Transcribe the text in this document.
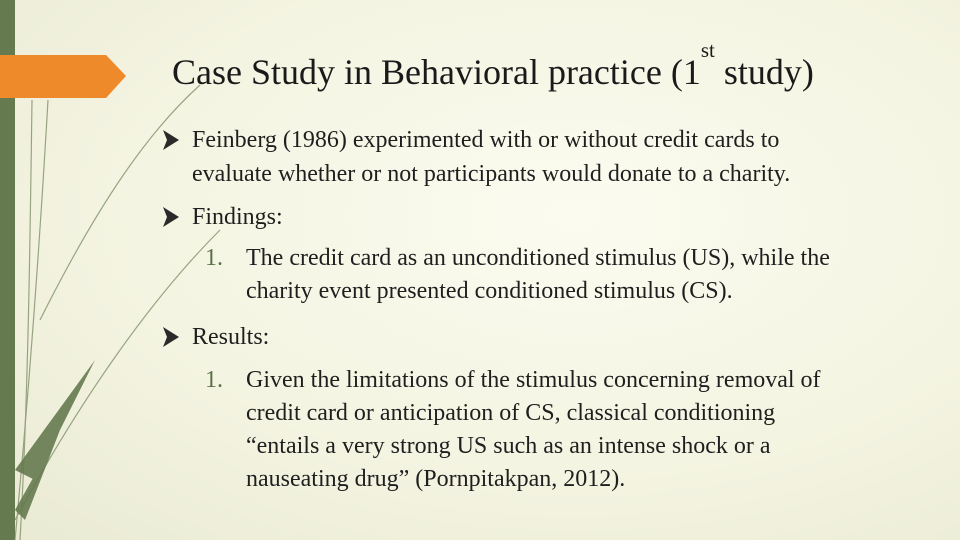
Case Study in Behavioral practice (1st study)
Feinberg (1986) experimented with or without credit cards to
evaluate whether or not participants would donate to a charity.
Findings:
1. The credit card as an unconditioned stimulus (US), while the
charity event presented conditioned stimulus (CS).
Results:
1. Given the limitations of the stimulus concerning removal of
credit card or anticipation of CS, classical conditioning
“entails a very strong US such as an intense shock or a
nauseating drug” (Pornpitakpan, 2012).
